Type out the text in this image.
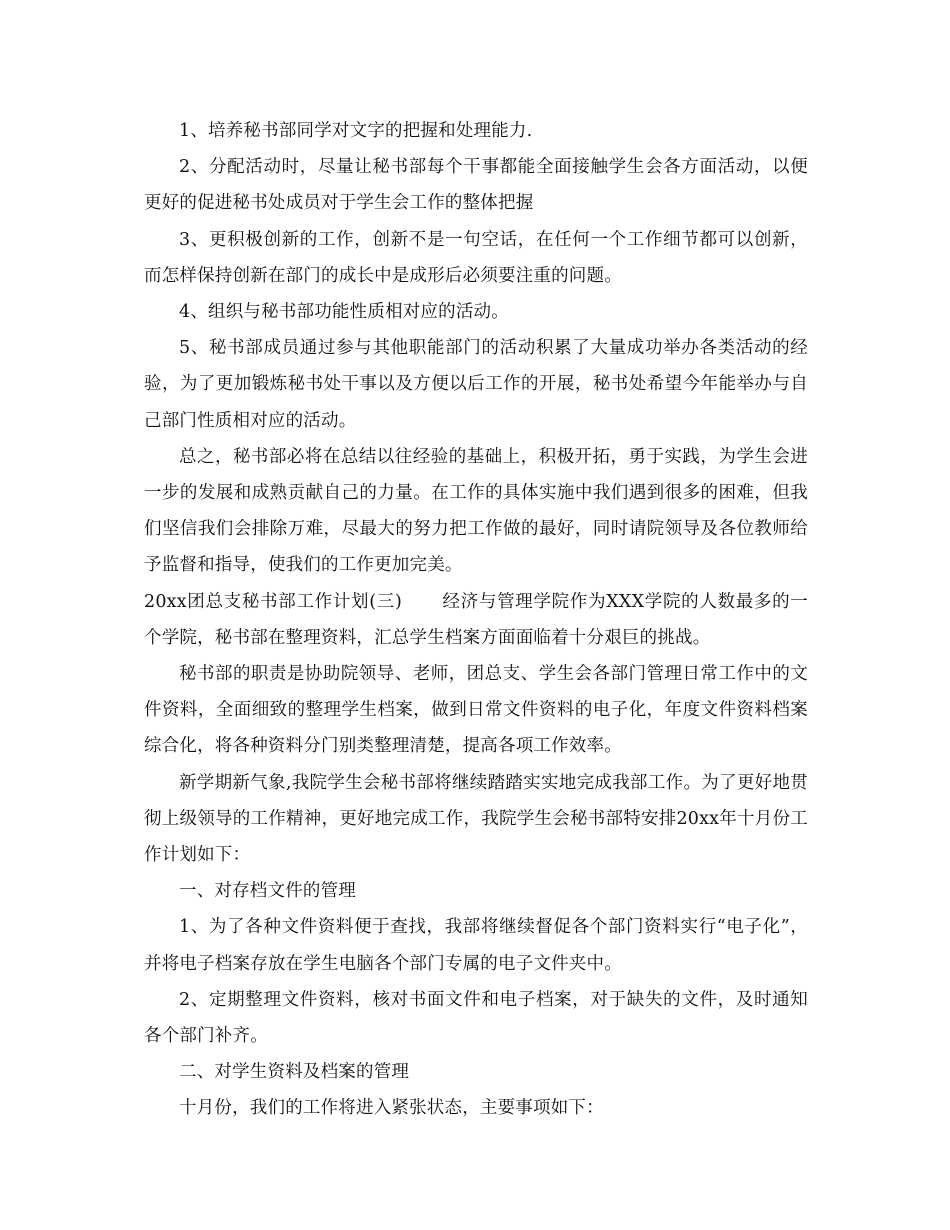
1、培养秘书部同学对文字的把握和处理能力.

2、分配活动时，尽量让秘书部每个干事都能全面接触学生会各方面活动，以便更好的促进秘书处成员对于学生会工作的整体把握

3、更积极创新的工作，创新不是一句空话，在任何一个工作细节都可以创新，而怎样保持创新在部门的成长中是成形后必须要注重的问题。

4、组织与秘书部功能性质相对应的活动。

5、秘书部成员通过参与其他职能部门的活动积累了大量成功举办各类活动的经验，为了更加锻炼秘书处干事以及方便以后工作的开展，秘书处希望今年能举办与自己部门性质相对应的活动。

总之，秘书部必将在总结以往经验的基础上，积极开拓，勇于实践，为学生会进一步的发展和成熟贡献自己的力量。在工作的具体实施中我们遇到很多的困难，但我们坚信我们会排除万难，尽最大的努力把工作做的最好，同时请院领导及各位教师给予监督和指导，使我们的工作更加完美。

20xx团总支秘书部工作计划(三) 经济与管理学院作为XXX学院的人数最多的一个学院，秘书部在整理资料，汇总学生档案方面面临着十分艰巨的挑战。

秘书部的职责是协助院领导、老师，团总支、学生会各部门管理日常工作中的文件资料，全面细致的整理学生档案，做到日常文件资料的电子化，年度文件资料档案综合化，将各种资料分门别类整理清楚，提高各项工作效率。

新学期新气象,我院学生会秘书部将继续踏踏实实地完成我部工作。为了更好地贯彻上级领导的工作精神，更好地完成工作，我院学生会秘书部特安排20xx年十月份工作计划如下：

一、对存档文件的管理

1、为了各种文件资料便于查找，我部将继续督促各个部门资料实行“电子化”，并将电子档案存放在学生电脑各个部门专属的电子文件夹中。

2、定期整理文件资料，核对书面文件和电子档案，对于缺失的文件，及时通知各个部门补齐。

二、对学生资料及档案的管理

十月份，我们的工作将进入紧张状态，主要事项如下：
